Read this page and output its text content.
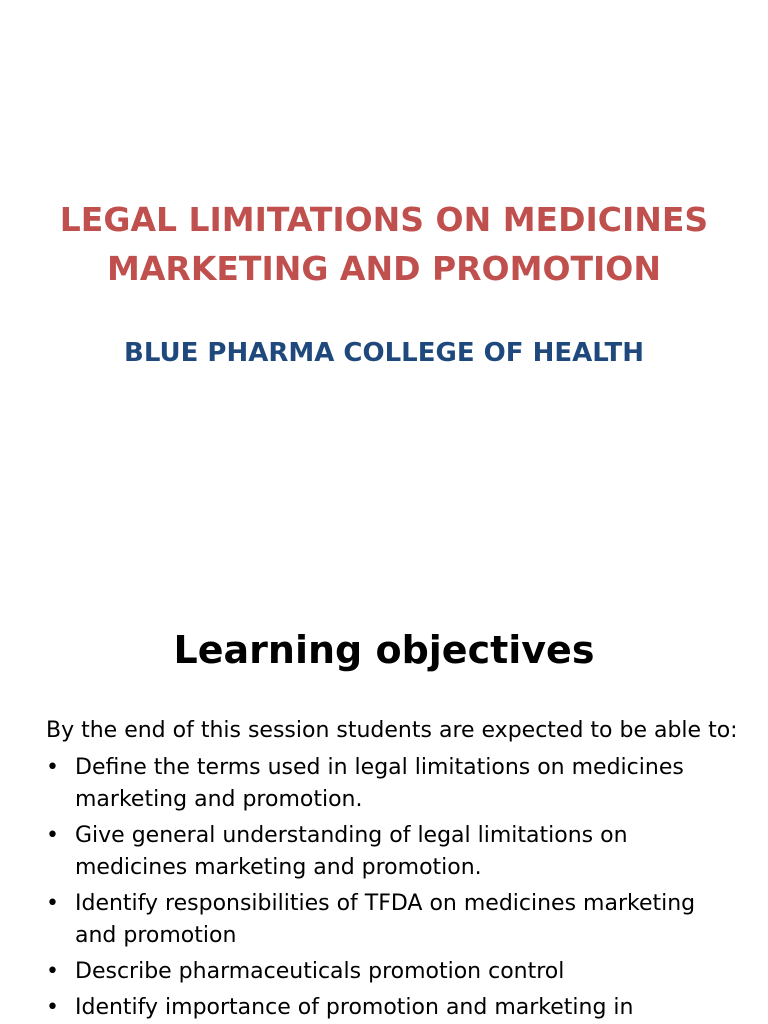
LEGAL LIMITATIONS ON MEDICINES
MARKETING AND PROMOTION
BLUE PHARMA COLLEGE OF HEALTH
Learning objectives

By the end of this session students are expected to be able to:

• Define the terms used in legal limitations on medicines
marketing and promotion.
• Give general understanding of legal limitations on
medicines marketing and promotion.
• Identify responsibilities of TFDA on medicines marketing
and promotion
• Describe pharmaceuticals promotion control
• Identify importance of promotion and marketing in
